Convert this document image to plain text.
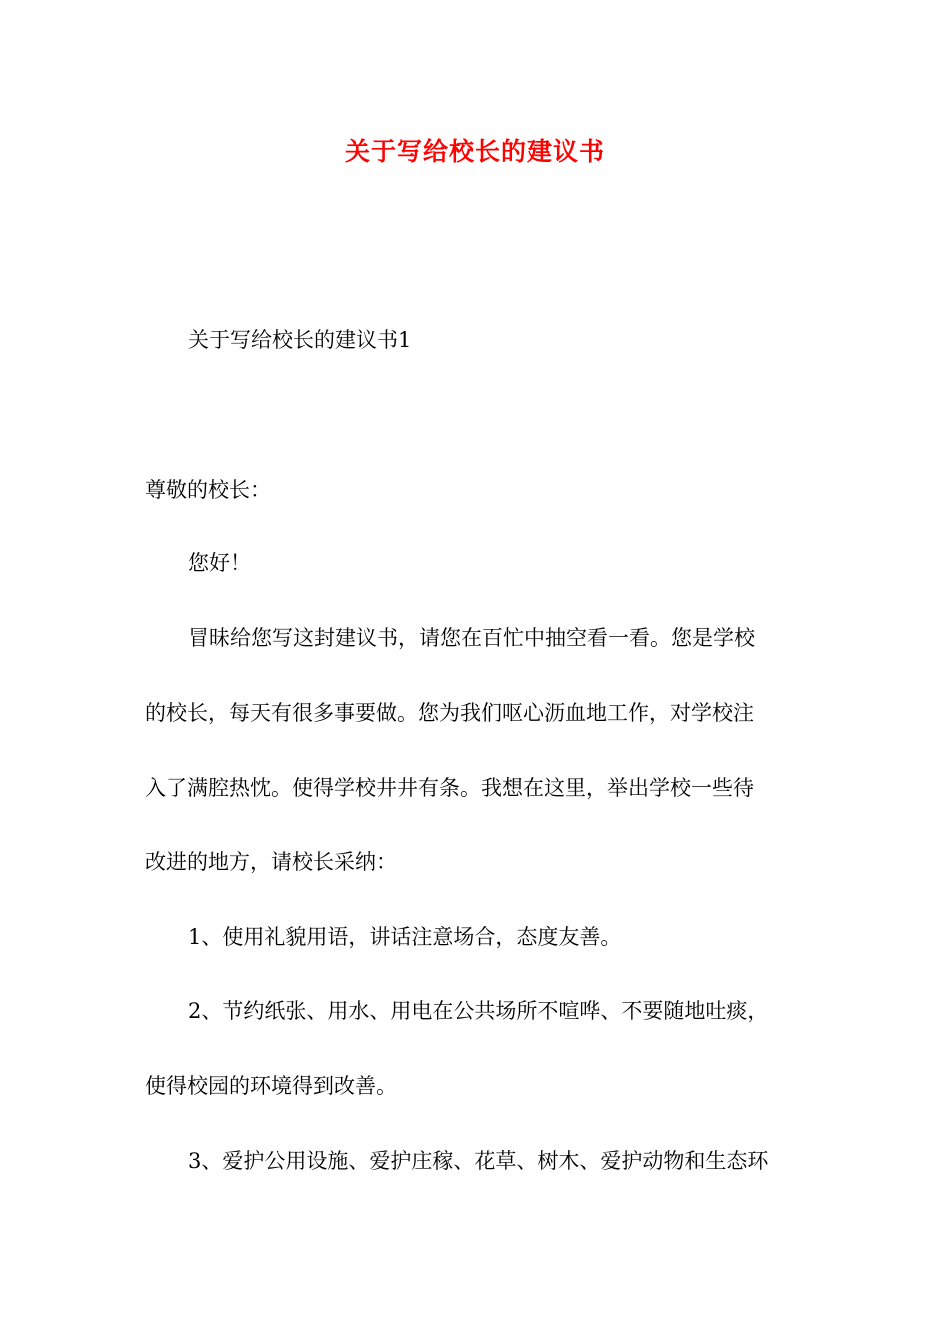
关于写给校长的建议书
关于写给校长的建议书1
尊敬的校长：
您好！
冒昧给您写这封建议书，请您在百忙中抽空看一看。您是学校
的校长，每天有很多事要做。您为我们呕心沥血地工作，对学校注
入了满腔热忱。使得学校井井有条。我想在这里，举出学校一些待
改进的地方，请校长采纳：
1、使用礼貌用语，讲话注意场合，态度友善。
2、节约纸张、用水、用电在公共场所不喧哗、不要随地吐痰，
使得校园的环境得到改善。
3、爱护公用设施、爱护庄稼、花草、树木、爱护动物和生态环
